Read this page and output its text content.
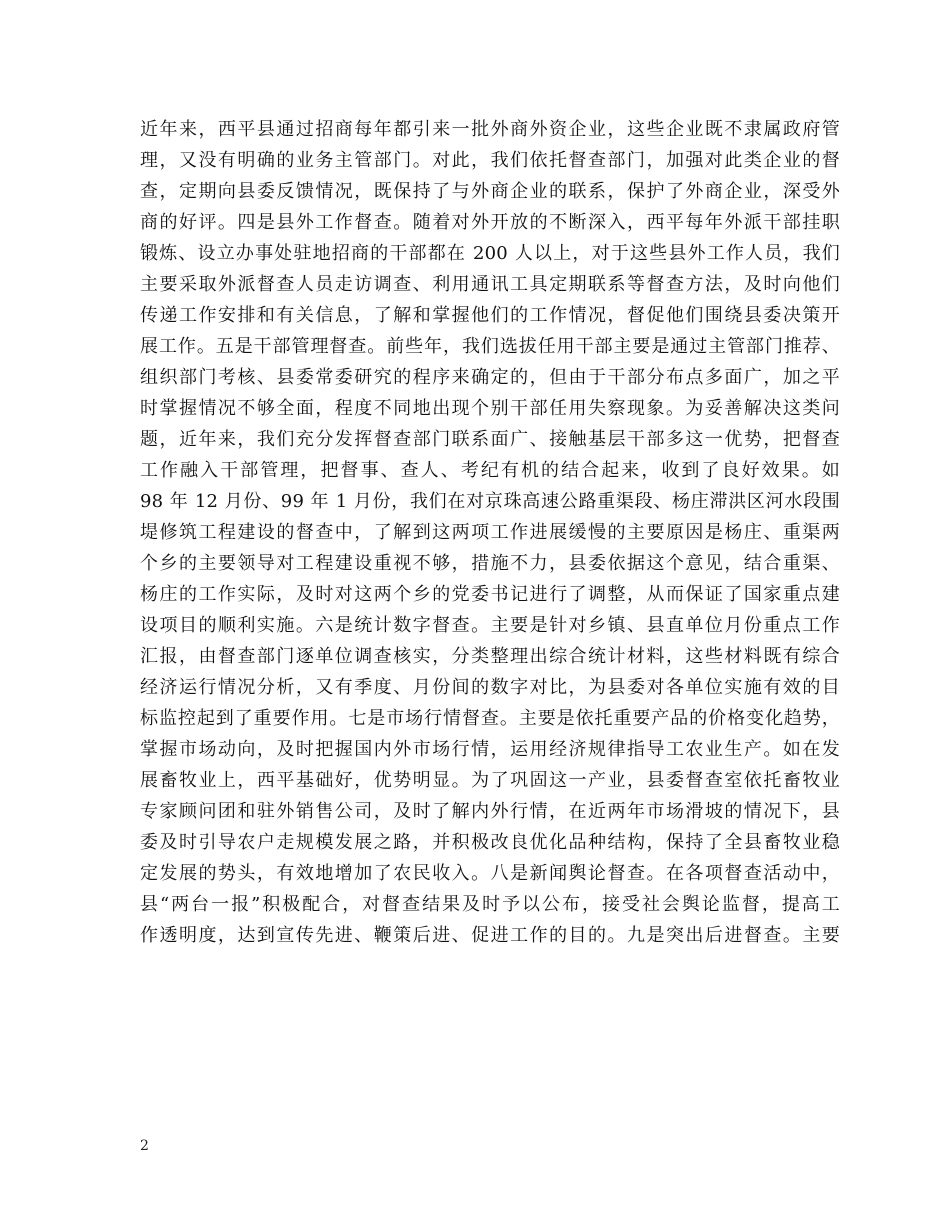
近年来，西平县通过招商每年都引来一批外商外资企业，这些企业既不隶属政府管
理，又没有明确的业务主管部门。对此，我们依托督查部门，加强对此类企业的督
查，定期向县委反馈情况，既保持了与外商企业的联系，保护了外商企业，深受外
商的好评。四是县外工作督查。随着对外开放的不断深入，西平每年外派干部挂职
锻炼、设立办事处驻地招商的干部都在 200 人以上，对于这些县外工作人员，我们
主要采取外派督查人员走访调查、利用通讯工具定期联系等督查方法，及时向他们
传递工作安排和有关信息，了解和掌握他们的工作情况，督促他们围绕县委决策开
展工作。五是干部管理督查。前些年，我们选拔任用干部主要是通过主管部门推荐、
组织部门考核、县委常委研究的程序来确定的，但由于干部分布点多面广，加之平
时掌握情况不够全面，程度不同地出现个别干部任用失察现象。为妥善解决这类问
题，近年来，我们充分发挥督查部门联系面广、接触基层干部多这一优势，把督查
工作融入干部管理，把督事、查人、考纪有机的结合起来，收到了良好效果。如
98 年 12 月份、99 年 1 月份，我们在对京珠高速公路重渠段、杨庄滞洪区河水段围
堤修筑工程建设的督查中，了解到这两项工作进展缓慢的主要原因是杨庄、重渠两
个乡的主要领导对工程建设重视不够，措施不力，县委依据这个意见，结合重渠、
杨庄的工作实际，及时对这两个乡的党委书记进行了调整，从而保证了国家重点建
设项目的顺利实施。六是统计数字督查。主要是针对乡镇、县直单位月份重点工作
汇报，由督查部门逐单位调查核实，分类整理出综合统计材料，这些材料既有综合
经济运行情况分析，又有季度、月份间的数字对比，为县委对各单位实施有效的目
标监控起到了重要作用。七是市场行情督查。主要是依托重要产品的价格变化趋势，
掌握市场动向，及时把握国内外市场行情，运用经济规律指导工农业生产。如在发
展畜牧业上，西平基础好，优势明显。为了巩固这一产业，县委督查室依托畜牧业
专家顾问团和驻外销售公司，及时了解内外行情，在近两年市场滑坡的情况下，县
委及时引导农户走规模发展之路，并积极改良优化品种结构，保持了全县畜牧业稳
定发展的势头，有效地增加了农民收入。八是新闻舆论督查。在各项督查活动中，
县“两台一报”积极配合，对督查结果及时予以公布，接受社会舆论监督，提高工
作透明度，达到宣传先进、鞭策后进、促进工作的目的。九是突出后进督查。主要
2
